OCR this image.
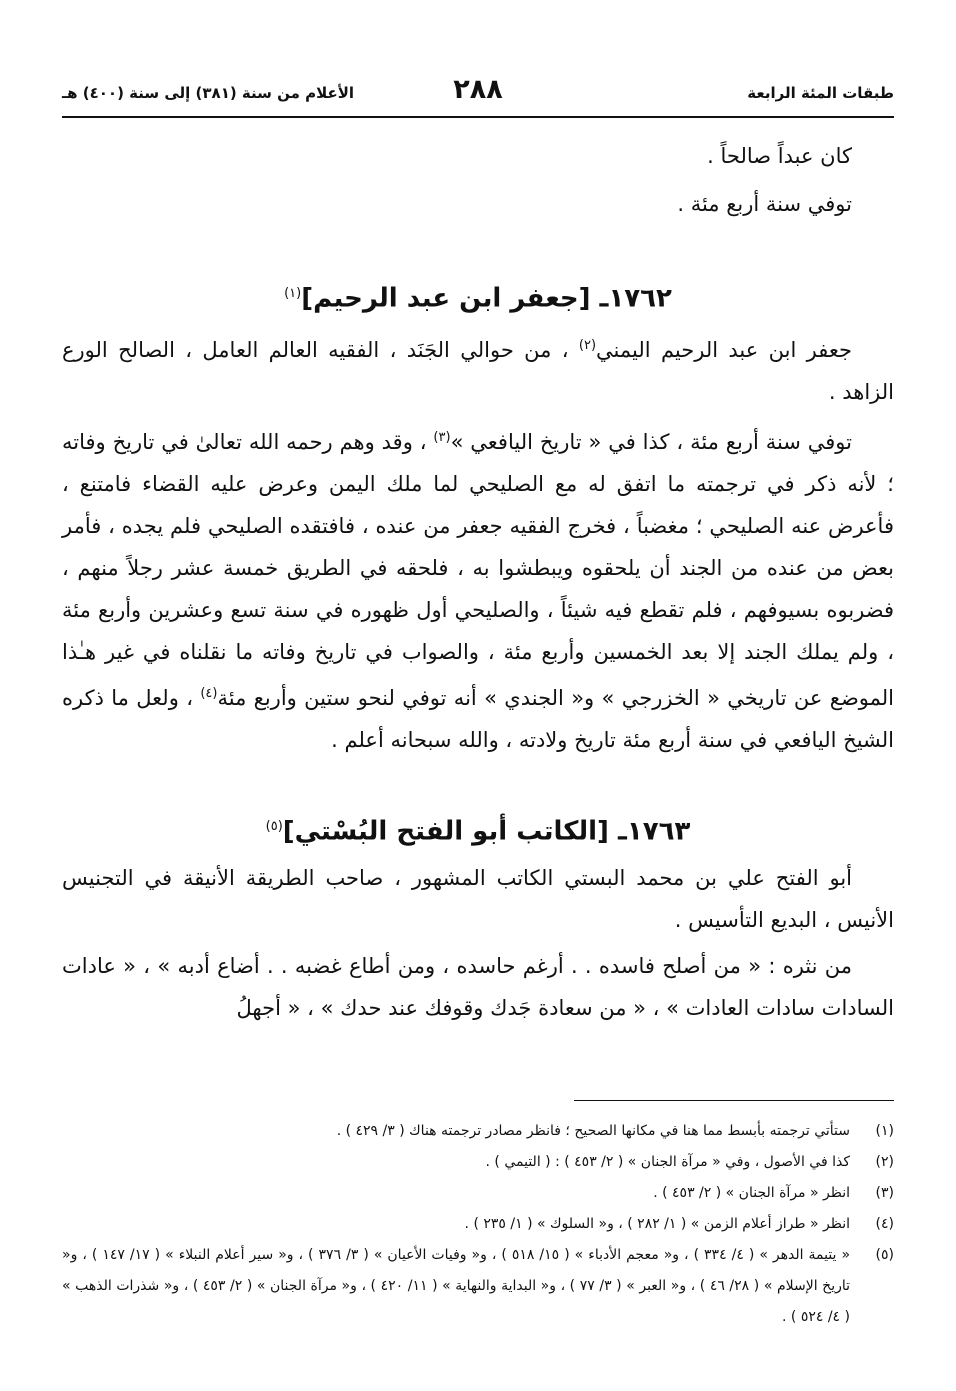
طبقات المئة الرابعة
٢٨٨
الأعلام من سنة (٣٨١) إلى سنة (٤٠٠) هـ

كان عبداً صالحاً .

توفي سنة أربع مئة .

١٧٦٢ـ [جعفر ابن عبد الرحيم]$^{(١)}$

جعفر ابن عبد الرحيم اليمني$^{(٢)}$ ، من حوالي الجَنَد ، الفقيه العالم العامل ، الصالح الورع الزاهد .

توفي سنة أربع مئة ، كذا في « تاريخ اليافعي »$^{(٣)}$ ، وقد وهم رحمه الله تعالىٰ في تاريخ وفاته ؛ لأنه ذكر في ترجمته ما اتفق له مع الصليحي لما ملك اليمن وعرض عليه القضاء فامتنع ، فأعرض عنه الصليحي ؛ مغضباً ، فخرج الفقيه جعفر من عنده ، فافتقده الصليحي فلم يجده ، فأمر بعض من عنده من الجند أن يلحقوه ويبطشوا به ، فلحقه في الطريق خمسة عشر رجلاً منهم ، فضربوه بسيوفهم ، فلم تقطع فيه شيئاً ، والصليحي أول ظهوره في سنة تسع وعشرين وأربع مئة ، ولم يملك الجند إلا بعد الخمسين وأربع مئة ، والصواب في تاريخ وفاته ما نقلناه في غير هـٰذا الموضع عن تاريخي « الخزرجي » و« الجندي » أنه توفي لنحو ستين وأربع مئة$^{(٤)}$ ، ولعل ما ذكره الشيخ اليافعي في سنة أربع مئة تاريخ ولادته ، والله سبحانه أعلم .

١٧٦٣ـ [الكاتب أبو الفتح البُسْتي]$^{(٥)}$

أبو الفتح علي بن محمد البستي الكاتب المشهور ، صاحب الطريقة الأنيقة في التجنيس الأنيس ، البديع التأسيس .

من نثره : « من أصلح فاسده . . أرغم حاسده ، ومن أطاع غضبه . . أضاع أدبه » ، « عادات السادات سادات العادات » ، « من سعادة جَدك وقوفك عند حدك » ، « أجهلُ

(١)
ستأتي ترجمته بأبسط مما هنا في مكانها الصحيح ؛ فانظر مصادر ترجمته هناك ( ٣/ ٤٢٩ ) .
(٢)
كذا في الأصول ، وفي « مرآة الجنان » ( ٢/ ٤٥٣ ) : ( التيمي ) .
(٣)
انظر « مرآة الجنان » ( ٢/ ٤٥٣ ) .
(٤)
انظر « طراز أعلام الزمن » ( ١/ ٢٨٢ ) ، و« السلوك » ( ١/ ٢٣٥ ) .
(٥)
« يتيمة الدهر » ( ٤/ ٣٣٤ ) ، و« معجم الأدباء » ( ١٥/ ٥١٨ ) ، و« وفيات الأعيان » ( ٣/ ٣٧٦ ) ، و« سير أعلام النبلاء » ( ١٧/ ١٤٧ ) ، و« تاريخ الإسلام » ( ٢٨/ ٤٦ ) ، و« العبر » ( ٣/ ٧٧ ) ، و« البداية والنهاية » ( ١١/ ٤٢٠ ) ، و« مرآة الجنان » ( ٢/ ٤٥٣ ) ، و« شذرات الذهب » ( ٤/ ٥٢٤ ) .
